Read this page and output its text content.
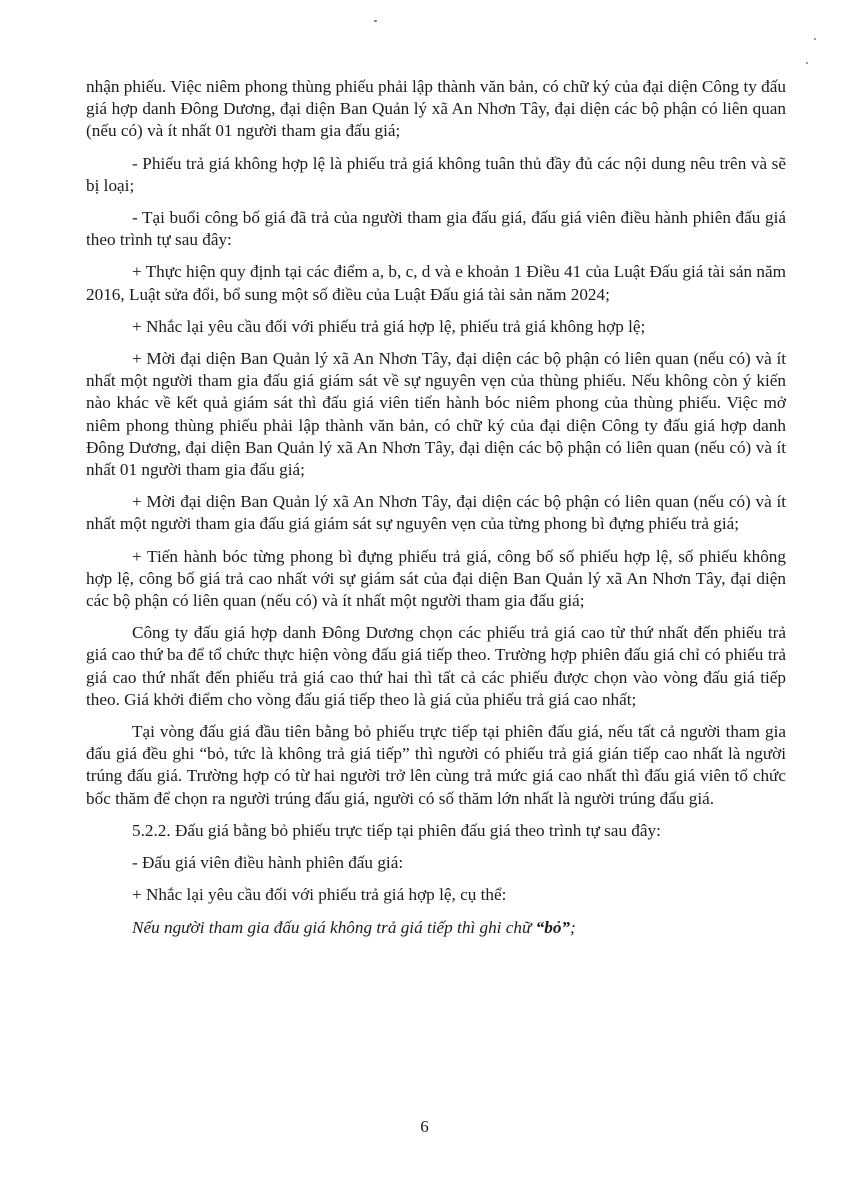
nhận phiếu. Việc niêm phong thùng phiếu phải lập thành văn bản, có chữ ký của đại diện Công ty đấu giá hợp danh Đông Dương, đại diện Ban Quản lý xã An Nhơn Tây, đại diện các bộ phận có liên quan (nếu có) và ít nhất 01 người tham gia đấu giá;

- Phiếu trả giá không hợp lệ là phiếu trả giá không tuân thủ đầy đủ các nội dung nêu trên và sẽ bị loại;

- Tại buổi công bố giá đã trả của người tham gia đấu giá, đấu giá viên điều hành phiên đấu giá theo trình tự sau đây:

+ Thực hiện quy định tại các điểm a, b, c, d và e khoản 1 Điều 41 của Luật Đấu giá tài sản năm 2016, Luật sửa đổi, bổ sung một số điều của Luật Đấu giá tài sản năm 2024;

+ Nhắc lại yêu cầu đối với phiếu trả giá hợp lệ, phiếu trả giá không hợp lệ;

+ Mời đại diện Ban Quản lý xã An Nhơn Tây, đại diện các bộ phận có liên quan (nếu có) và ít nhất một người tham gia đấu giá giám sát về sự nguyên vẹn của thùng phiếu. Nếu không còn ý kiến nào khác về kết quả giám sát thì đấu giá viên tiến hành bóc niêm phong của thùng phiếu. Việc mở niêm phong thùng phiếu phải lập thành văn bản, có chữ ký của đại diện Công ty đấu giá hợp danh Đông Dương, đại diện Ban Quản lý xã An Nhơn Tây, đại diện các bộ phận có liên quan (nếu có) và ít nhất 01 người tham gia đấu giá;

+ Mời đại diện Ban Quản lý xã An Nhơn Tây, đại diện các bộ phận có liên quan (nếu có) và ít nhất một người tham gia đấu giá giám sát sự nguyên vẹn của từng phong bì đựng phiếu trả giá;

+ Tiến hành bóc từng phong bì đựng phiếu trả giá, công bố số phiếu hợp lệ, số phiếu không hợp lệ, công bố giá trả cao nhất với sự giám sát của đại diện Ban Quản lý xã An Nhơn Tây, đại diện các bộ phận có liên quan (nếu có) và ít nhất một người tham gia đấu giá;

Công ty đấu giá hợp danh Đông Dương chọn các phiếu trả giá cao từ thứ nhất đến phiếu trả giá cao thứ ba để tổ chức thực hiện vòng đấu giá tiếp theo. Trường hợp phiên đấu giá chỉ có phiếu trả giá cao thứ nhất đến phiếu trả giá cao thứ hai thì tất cả các phiếu được chọn vào vòng đấu giá tiếp theo. Giá khởi điểm cho vòng đấu giá tiếp theo là giá của phiếu trả giá cao nhất;

Tại vòng đấu giá đầu tiên bằng bỏ phiếu trực tiếp tại phiên đấu giá, nếu tất cả người tham gia đấu giá đều ghi “bỏ, tức là không trả giá tiếp” thì người có phiếu trả giá gián tiếp cao nhất là người trúng đấu giá. Trường hợp có từ hai người trở lên cùng trả mức giá cao nhất thì đấu giá viên tổ chức bốc thăm để chọn ra người trúng đấu giá, người có số thăm lớn nhất là người trúng đấu giá.

5.2.2. Đấu giá bằng bỏ phiếu trực tiếp tại phiên đấu giá theo trình tự sau đây:

- Đấu giá viên điều hành phiên đấu giá:

+ Nhắc lại yêu cầu đối với phiếu trả giá hợp lệ, cụ thể:

Nếu người tham gia đấu giá không trả giá tiếp thì ghi chữ “bỏ”;

6
